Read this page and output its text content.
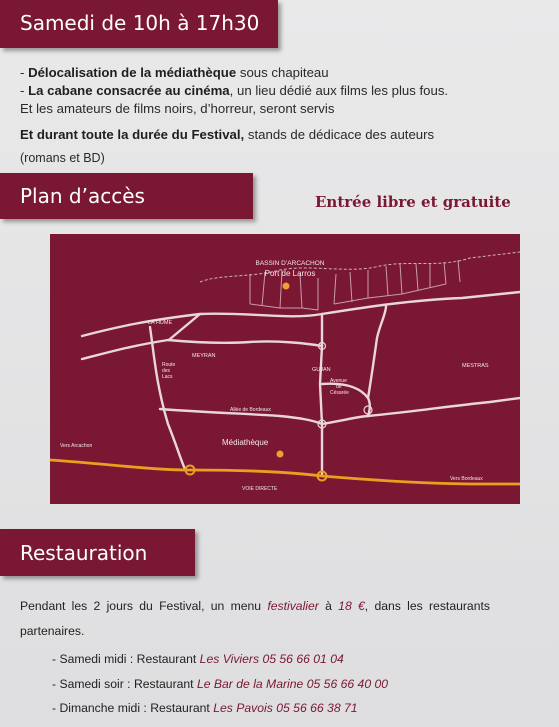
Samedi de 10h à 17h30
- Délocalisation de la médiathèque sous chapiteau
- La cabane consacrée au cinéma, un lieu dédié aux films les plus fous.
Et les amateurs de films noirs, d’horreur, seront servis
Et durant toute la durée du Festival, stands de dédicace des auteurs
(romans et BD)
Plan d’accès	Entrée libre et gratuite
BASSIN D’ARCACHON
Port de Larros
LA HUME
MEYRAN
GUJAN
MESTRAS
Route des Lacs
Allée de Bordeaux
Avenue de Césarée
Médiathèque
Vers Arcachon
Vers Bordeaux
VOIE DIRECTE
Restauration
Pendant les 2 jours du Festival, un menu festivalier à 18 €, dans les restaurants partenaires.
- Samedi midi : Restaurant Les Viviers 05 56 66 01 04
- Samedi soir : Restaurant Le Bar de la Marine 05 56 66 40 00
- Dimanche midi : Restaurant Les Pavois 05 56 66 38 71
